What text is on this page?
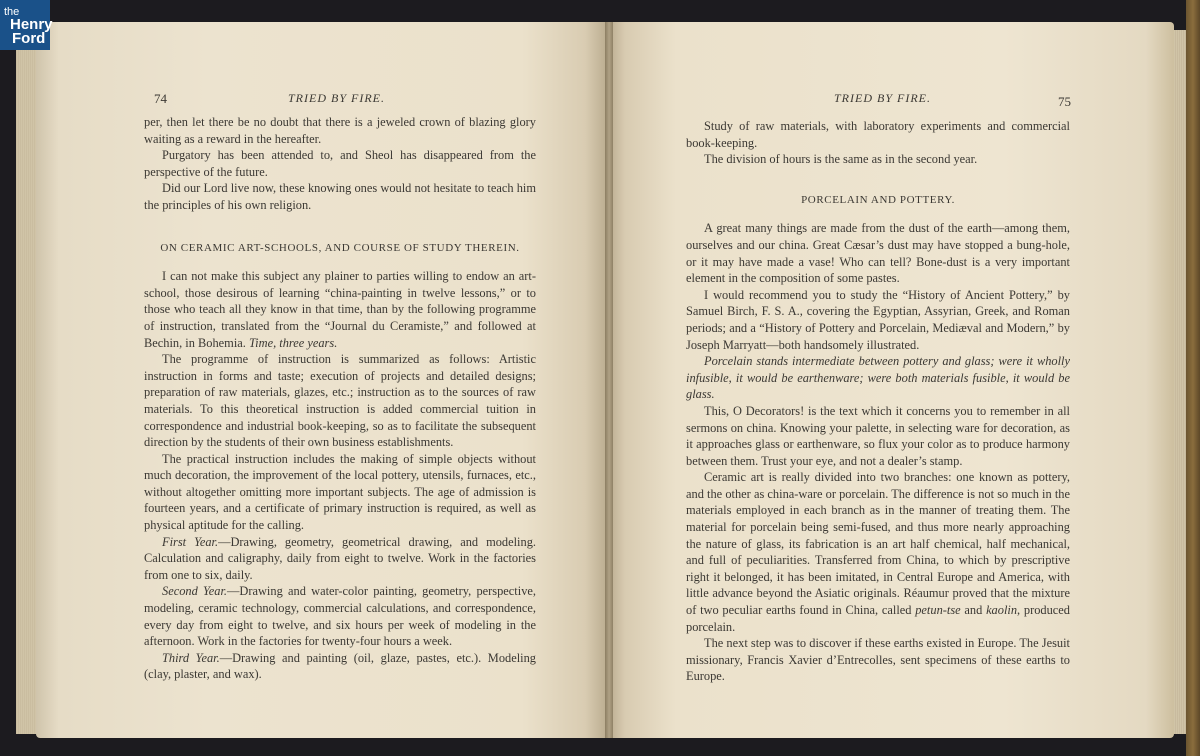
74	TRIED BY FIRE.

per, then let there be no doubt that there is a jeweled crown of blazing glory waiting as a reward in the hereafter.

Purgatory has been attended to, and Sheol has disappeared from the perspective of the future.

Did our Lord live now, these knowing ones would not hesitate to teach him the principles of his own religion.

ON CERAMIC ART-SCHOOLS, AND COURSE OF STUDY THEREIN.

I can not make this subject any plainer to parties willing to endow an art-school, those desirous of learning “china-painting in twelve lessons,” or to those who teach all they know in that time, than by the following programme of instruction, translated from the “Journal du Ceramiste,” and followed at Bechin, in Bohemia. Time, three years.

The programme of instruction is summarized as follows: Artistic instruction in forms and taste; execution of projects and detailed designs; preparation of raw materials, glazes, etc.; instruction as to the sources of raw materials. To this theoretical instruction is added commercial tuition in correspondence and industrial book-keeping, so as to facilitate the subsequent direction by the students of their own business establishments.

The practical instruction includes the making of simple objects without much decoration, the improvement of the local pottery, utensils, furnaces, etc., without altogether omitting more important subjects. The age of admission is fourteen years, and a certificate of primary instruction is required, as well as physical aptitude for the calling.

First Year.—Drawing, geometry, geometrical drawing, and modeling. Calculation and caligraphy, daily from eight to twelve. Work in the factories from one to six, daily.

Second Year.—Drawing and water-color painting, geometry, perspective, modeling, ceramic technology, commercial calculations, and correspondence, every day from eight to twelve, and six hours per week of modeling in the afternoon. Work in the factories for twenty-four hours a week.

Third Year.—Drawing and painting (oil, glaze, pastes, etc.). Modeling (clay, plaster, and wax).

TRIED BY FIRE.	75

Study of raw materials, with laboratory experiments and commercial book-keeping.

The division of hours is the same as in the second year.

PORCELAIN AND POTTERY.

A great many things are made from the dust of the earth—among them, ourselves and our china. Great Cæsar’s dust may have stopped a bung-hole, or it may have made a vase! Who can tell? Bone-dust is a very important element in the composition of some pastes.

I would recommend you to study the “History of Ancient Pottery,” by Samuel Birch, F. S. A., covering the Egyptian, Assyrian, Greek, and Roman periods; and a “History of Pottery and Porcelain, Mediæval and Modern,” by Joseph Marryatt—both handsomely illustrated.

Porcelain stands intermediate between pottery and glass; were it wholly infusible, it would be earthenware; were both materials fusible, it would be glass.

This, O Decorators! is the text which it concerns you to remember in all sermons on china. Knowing your palette, in selecting ware for decoration, as it approaches glass or earthenware, so flux your color as to produce harmony between them. Trust your eye, and not a dealer’s stamp.

Ceramic art is really divided into two branches: one known as pottery, and the other as china-ware or porcelain. The difference is not so much in the materials employed in each branch as in the manner of treating them. The material for porcelain being semi-fused, and thus more nearly approaching the nature of glass, its fabrication is an art half chemical, half mechanical, and full of peculiarities. Transferred from China, to which by prescriptive right it belonged, it has been imitated, in Central Europe and America, with little advance beyond the Asiatic originals. Réaumur proved that the mixture of two peculiar earths found in China, called petun-tse and kaolin, produced porcelain.

The next step was to discover if these earths existed in Europe. The Jesuit missionary, Francis Xavier d’Entrecolles, sent specimens of these earths to Europe.

the
Henry
Ford
